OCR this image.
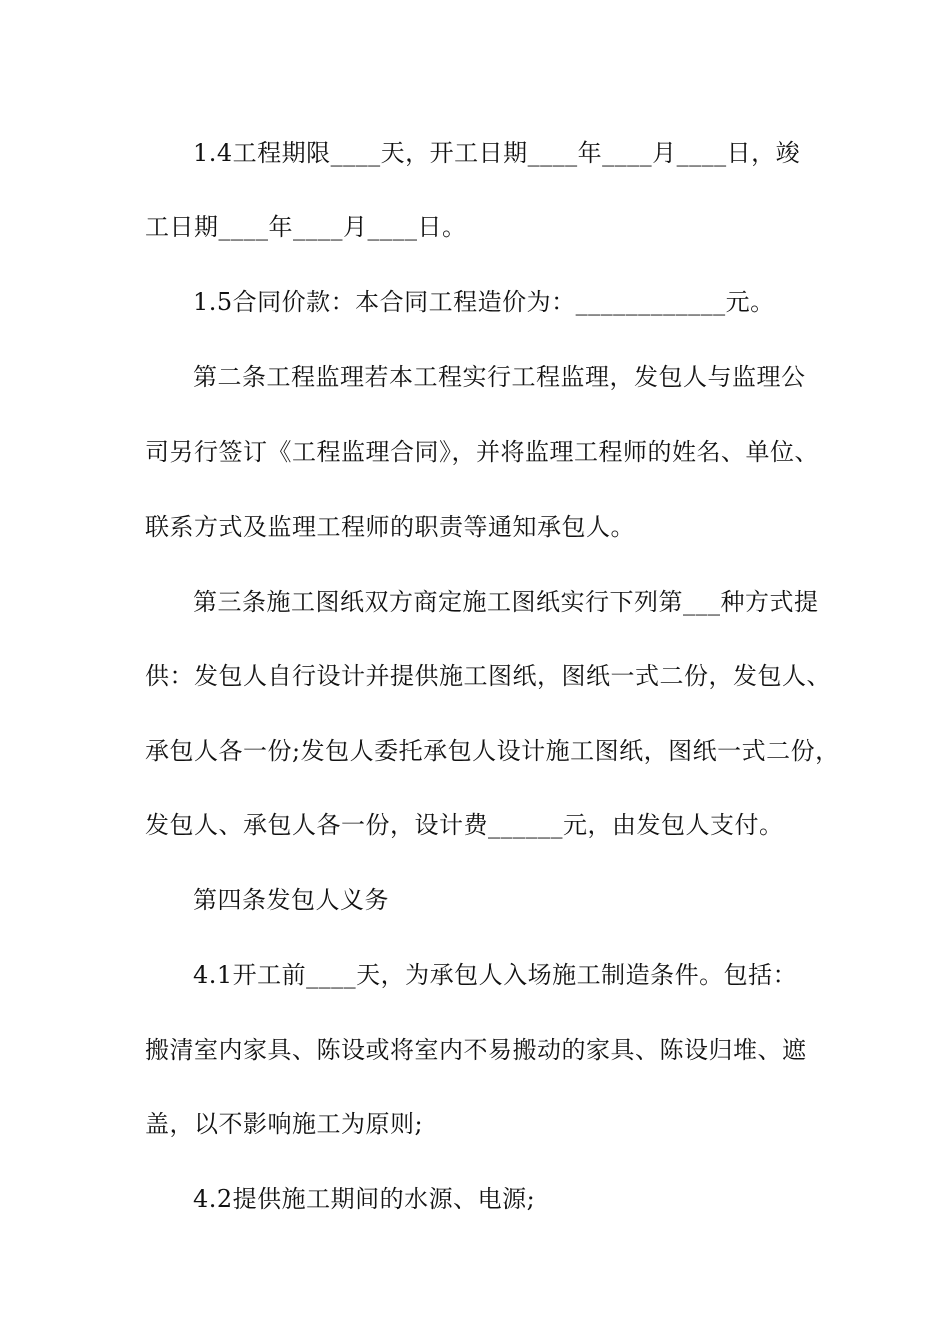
1.4工程期限____天，开工日期____年____月____日，竣
工日期____年____月____日。
1.5合同价款：本合同工程造价为：____________元。
第二条工程监理若本工程实行工程监理，发包人与监理公
司另行签订《工程监理合同》，并将监理工程师的姓名、单位、
联系方式及监理工程师的职责等通知承包人。
第三条施工图纸双方商定施工图纸实行下列第___种方式提
供：发包人自行设计并提供施工图纸，图纸一式二份，发包人、
承包人各一份;发包人委托承包人设计施工图纸，图纸一式二份，
发包人、承包人各一份，设计费______元，由发包人支付。
第四条发包人义务
4.1开工前____天，为承包人入场施工制造条件。包括：
搬清室内家具、陈设或将室内不易搬动的家具、陈设归堆、遮
盖，以不影响施工为原则;
4.2提供施工期间的水源、电源;
